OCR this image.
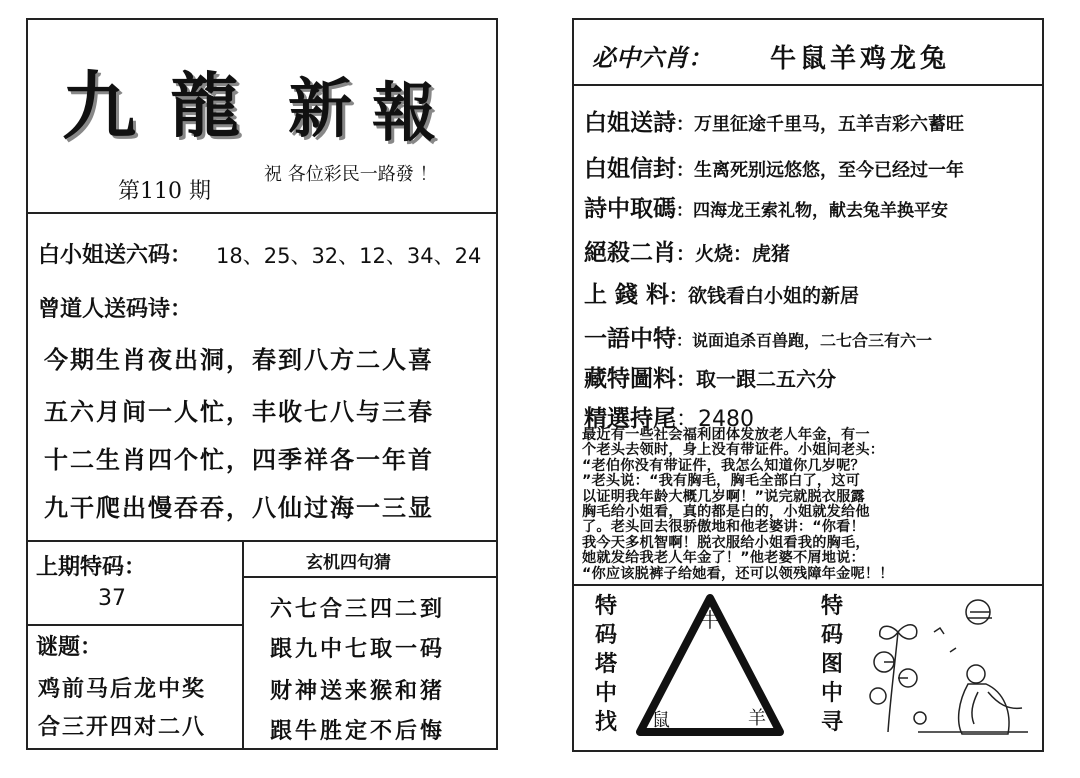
九 龍 新 報
第110 期
祝 各位彩民一路發 ！
白小姐送六码： 18、25、32、12、34、24
曾道人送码诗：
今期生肖夜出洞，春到八方二人喜
五六月间一人忙，丰收七八与三春
十二生肖四个忙，四季祥各一年首
九干爬出慢吞吞，八仙过海一三显
上期特码：
37
谜题：
鸡前马后龙中奖
合三开四对二八
玄机四句猜
六七合三四二到
跟九中七取一码
财神送来猴和猪
跟牛胜定不后悔
必中六肖： 牛鼠羊鸡龙兔
白姐送詩：万里征途千里马，五羊吉彩六蓄旺
白姐信封：生离死别远悠悠，至今已经过一年
詩中取碼：四海龙王索礼物，献去兔羊换平安
絕殺二肖：火烧：虎猪
上 錢 料：欲钱看白小姐的新居
一語中特：说面追杀百兽跑，二七合三有六一
藏特圖料：取一跟二五六分
精選持尾：2480
最近有一些社会福利团体发放老人年金，有一
个老头去领时，身上没有带证件。小姐问老头：
“老伯你没有带证件，我怎么知道你几岁呢？
”老头说：“我有胸毛，胸毛全部白了，这可
以证明我年龄大概几岁啊！”说完就脱衣服露
胸毛给小姐看，真的都是白的，小姐就发给他
了。老头回去很骄傲地和他老婆讲：“你看！
我今天多机智啊！脱衣服给小姐看我的胸毛，
她就发给我老人年金了！”他老婆不屑地说：
“你应该脱裤子给她看，还可以领残障年金呢！！
特
码
塔
中
找
牛
鼠	羊
特
码
图
中
寻
